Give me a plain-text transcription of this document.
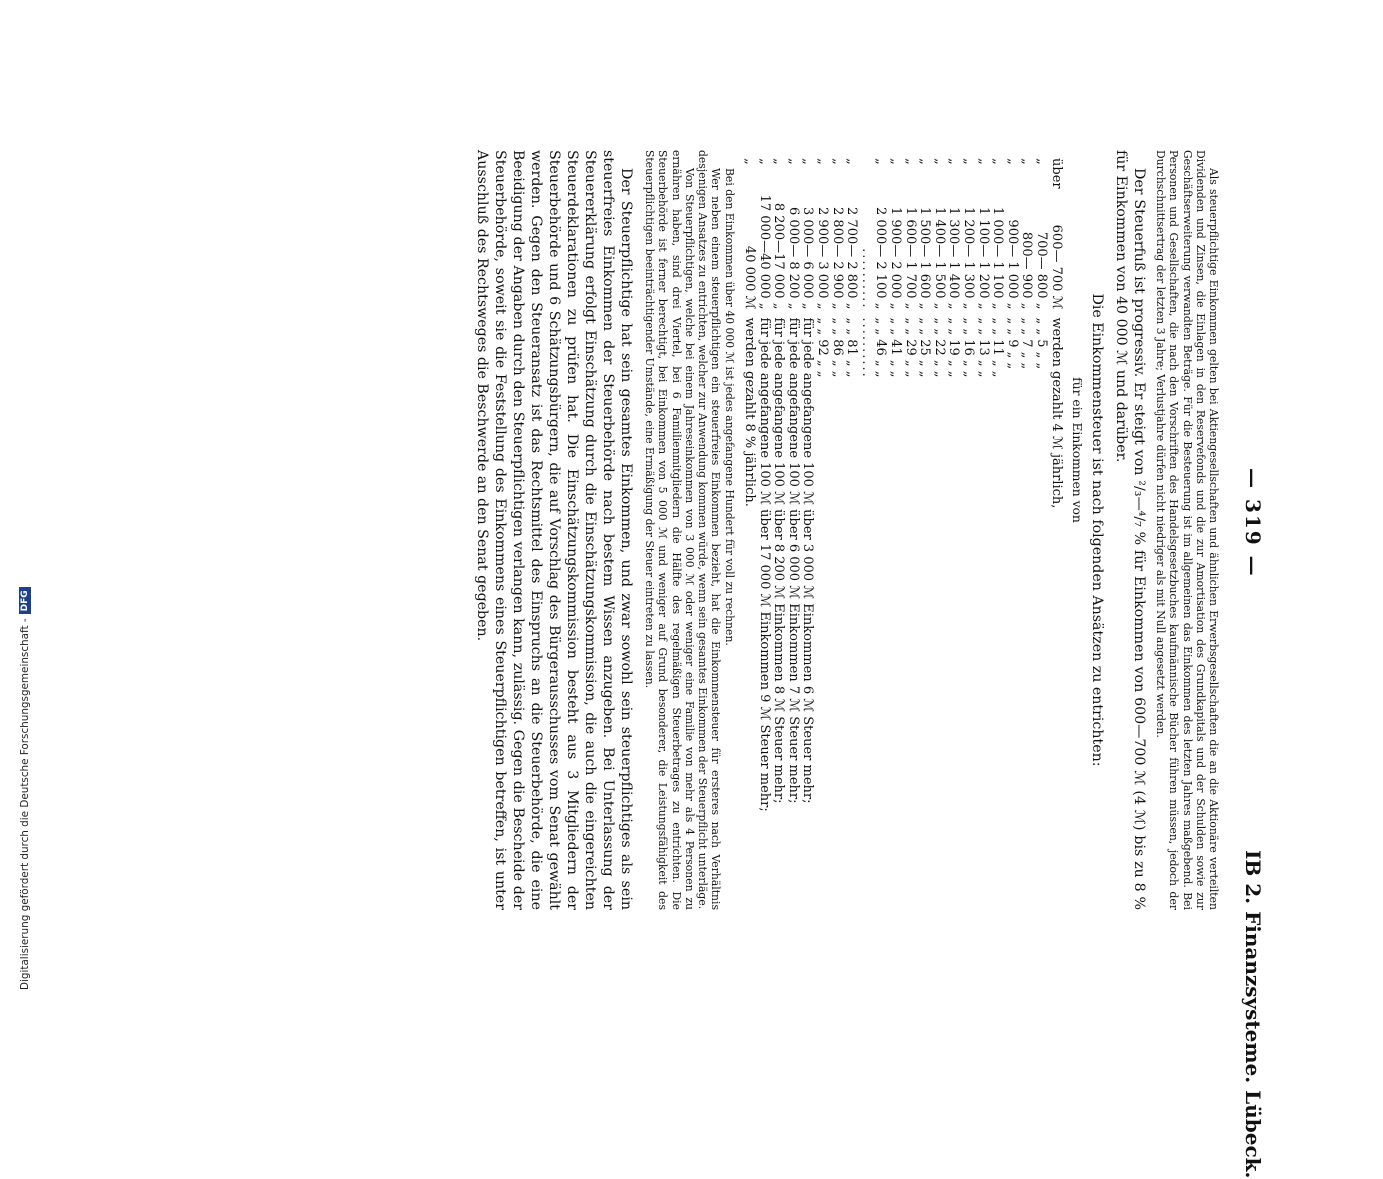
— 319 —
IB 2. Finanzsysteme. Lübeck.

Als steuerpflichtige Einkommen gelten bei Aktiengesellschaften und ähnlichen Erwerbsgesellschaften die an die Aktionäre verteilten Dividenden und Zinsen, die Einlagen in den Reservefonds und die zur Amortisation des Grundkapitals und der Schulden sowie zur Geschäftserweiterung verwandten Beträge. Für die Besteuerung ist im allgemeinen das Einkommen des letzten Jahres maßgebend. Bei Personen und Gesellschaften, die nach den Vorschriften des Handelsgesetzbuches kaufmännische Bücher führen müssen, jedoch der Durchschnittsertrag der letzten 3 Jahre; Verlustjahre dürfen nicht niedriger als mit Null angesetzt werden.

Der Steuerfuß ist progressiv. Er steigt von ²/₃—⁴/₇ % für Einkommen von 600—700 ℳ (4 ℳ) bis zu 8 % für Einkommen von 40 000 ℳ und darüber.

Die Einkommensteuer ist nach folgenden Ansätzen zu entrichten:

für ein Einkommen von

über	600— 700 ℳ	werden gezahlt 4 ℳ jährlich,
„	700— 800 „	„ „ 5 „ „
„	800— 900 „	„ „ 7 „ „
„	900— 1 000 „	„ „ 9 „ „
„	1 000— 1 100 „	„ „ 11 „ „
„	1 100— 1 200 „	„ „ 13 „ „
„	1 200— 1 300 „	„ „ 16 „ „
„	1 300— 1 400 „	„ „ 19 „ „
„	1 400— 1 500 „	„ „ 22 „ „
„	1 500— 1 600 „	„ „ 25 „ „
„	1 600— 1 700 „	„ „ 29 „ „
„	1 900— 2 000 „	„ „ 41 „ „
„	2 000— 2 100 „	„ „ 46 „ „
	..........	..........
„	2 700— 2 800 „	„ „ 81 „ „
„	2 800— 2 900 „	„ „ 86 „ „
„	2 900— 3 000 „	„ „ 92 „ „
„	3 000— 6 000 „	für jede angefangene 100 ℳ über 3 000 ℳ Einkommen 6 ℳ Steuer mehr;
„	6 000— 8 200 „	für jede angefangene 100 ℳ über 6 000 ℳ Einkommen 7 ℳ Steuer mehr;
„	8 200—17 000 „	für jede angefangene 100 ℳ über 8 200 ℳ Einkommen 8 ℳ Steuer mehr;
„	17 000—40 000 „	für jede angefangene 100 ℳ über 17 000 ℳ Einkommen 9 ℳ Steuer mehr;
„	40 000 ℳ	werden gezahlt 8 % jährlich.

Bei den Einkommen über 40 000 ℳ ist jedes angefangene Hundert für voll zu rechnen.

Wer neben einem steuerpflichtigen ein steuerfreies Einkommen bezieht, hat die Einkommensteuer für ersteres nach Verhältnis desjenigen Ansatzes zu entrichten, welcher zur Anwendung kommen würde, wenn sein gesamtes Einkommen der Steuerpflicht unterläge.

Von Steuerpflichtigen, welche bei einem Jahreseinkommen von 3 000 ℳ oder weniger eine Familie von mehr als 4 Personen zu ernähren haben, sind drei Viertel, bei 6 Familienmitgliedern die Hälfte des regelmäßigen Steuerbetrages zu entrichten. Die Steuerbehörde ist ferner berechtigt, bei Einkommen von 5 000 ℳ und weniger auf Grund besonderer, die Leistungsfähigkeit des Steuerpflichtigen beeinträchtigender Umstände, eine Ermäßigung der Steuer eintreten zu lassen.

Der Steuerpflichtige hat sein gesamtes Einkommen, und zwar sowohl sein steuerpflichtiges als sein steuerfreies Einkommen der Steuerbehörde nach bestem Wissen anzugeben. Bei Unterlassung der Steuererklärung erfolgt Einschätzung durch die Einschätzungskommission, die auch die eingereichten Steuerdeklarationen zu prüfen hat. Die Einschätzungskommission besteht aus 3 Mitgliedern der Steuerbehörde und 6 Schätzungsbürgern, die auf Vorschlag des Bürgerausschusses vom Senat gewählt werden. Gegen den Steueransatz ist das Rechtsmittel des Einspruchs an die Steuerbehörde, die eine Beeidigung der Angaben durch den Steuerpflichtigen verlangen kann, zulässig. Gegen die Bescheide der Steuerbehörde, soweit sie die Feststellung des Einkommens eines Steuerpflichtigen betreffen, ist unter Ausschluß des Rechtsweges die Beschwerde an den Senat gegeben.

Digitalisierung gefördert durch die Deutsche Forschungsgemeinschaft -DFG
